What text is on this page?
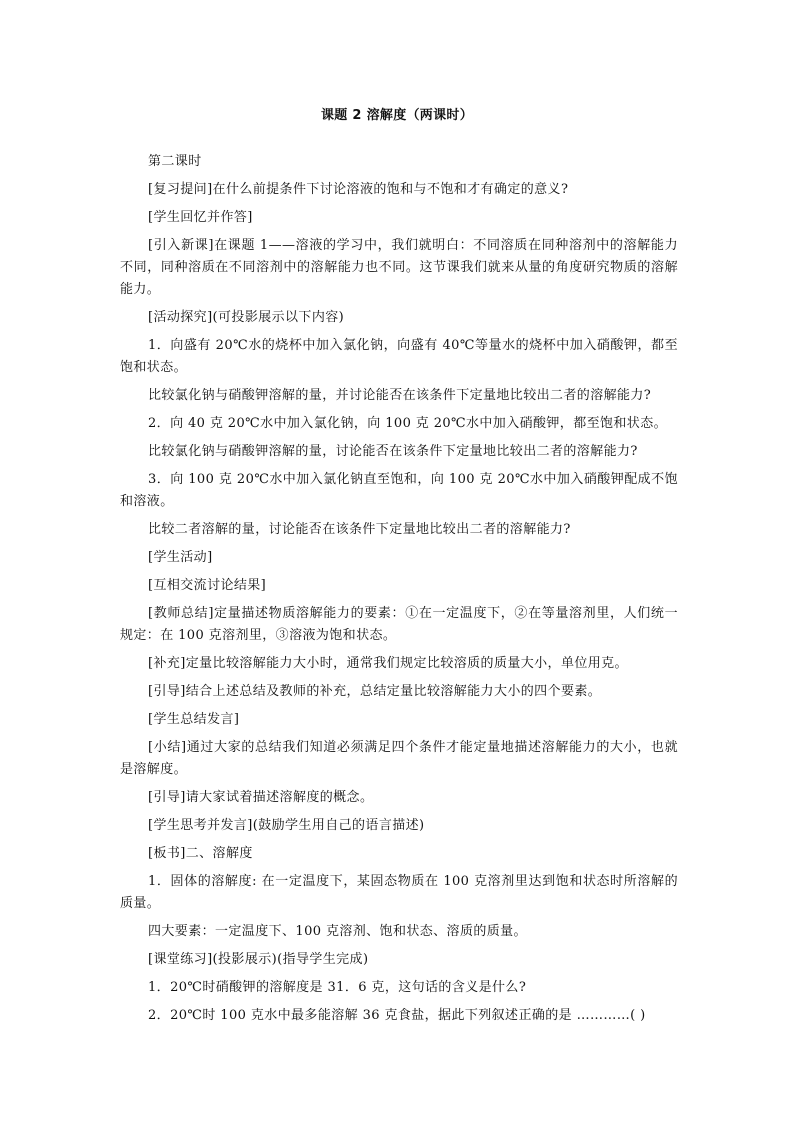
课题 2 溶解度（两课时）

第二课时

[复习提问]在什么前提条件下讨论溶液的饱和与不饱和才有确定的意义?

[学生回忆并作答]

[引入新课]在课题 1——溶液的学习中，我们就明白：不同溶质在同种溶剂中的溶解能力不同，同种溶质在不同溶剂中的溶解能力也不同。这节课我们就来从量的角度研究物质的溶解能力。

[活动探究](可投影展示以下内容)

1．向盛有 20℃水的烧杯中加入氯化钠，向盛有 40℃等量水的烧杯中加入硝酸钾，都至饱和状态。

比较氯化钠与硝酸钾溶解的量，并讨论能否在该条件下定量地比较出二者的溶解能力?

2．向 40 克 20℃水中加入氯化钠，向 100 克 20℃水中加入硝酸钾，都至饱和状态。

比较氯化钠与硝酸钾溶解的量，讨论能否在该条件下定量地比较出二者的溶解能力?

3．向 100 克 20℃水中加入氯化钠直至饱和，向 100 克 20℃水中加入硝酸钾配成不饱和溶液。

比较二者溶解的量，讨论能否在该条件下定量地比较出二者的溶解能力?

[学生活动]

[互相交流讨论结果]

[教师总结]定量描述物质溶解能力的要素：①在一定温度下，②在等量溶剂里，人们统一规定：在 100 克溶剂里，③溶液为饱和状态。

[补充]定量比较溶解能力大小时，通常我们规定比较溶质的质量大小，单位用克。

[引导]结合上述总结及教师的补充，总结定量比较溶解能力大小的四个要素。

[学生总结发言]

[小结]通过大家的总结我们知道必须满足四个条件才能定量地描述溶解能力的大小，也就是溶解度。

[引导]请大家试着描述溶解度的概念。

[学生思考并发言](鼓励学生用自己的语言描述)

[板书]二、溶解度

1．固体的溶解度: 在一定温度下，某固态物质在 100 克溶剂里达到饱和状态时所溶解的质量。

四大要素：一定温度下、100 克溶剂、饱和状态、溶质的质量。

[课堂练习](投影展示)(指导学生完成)

1．20℃时硝酸钾的溶解度是 31．6 克，这句话的含义是什么?

2．20℃时 100 克水中最多能溶解 36 克食盐，据此下列叙述正确的是 …………( )
